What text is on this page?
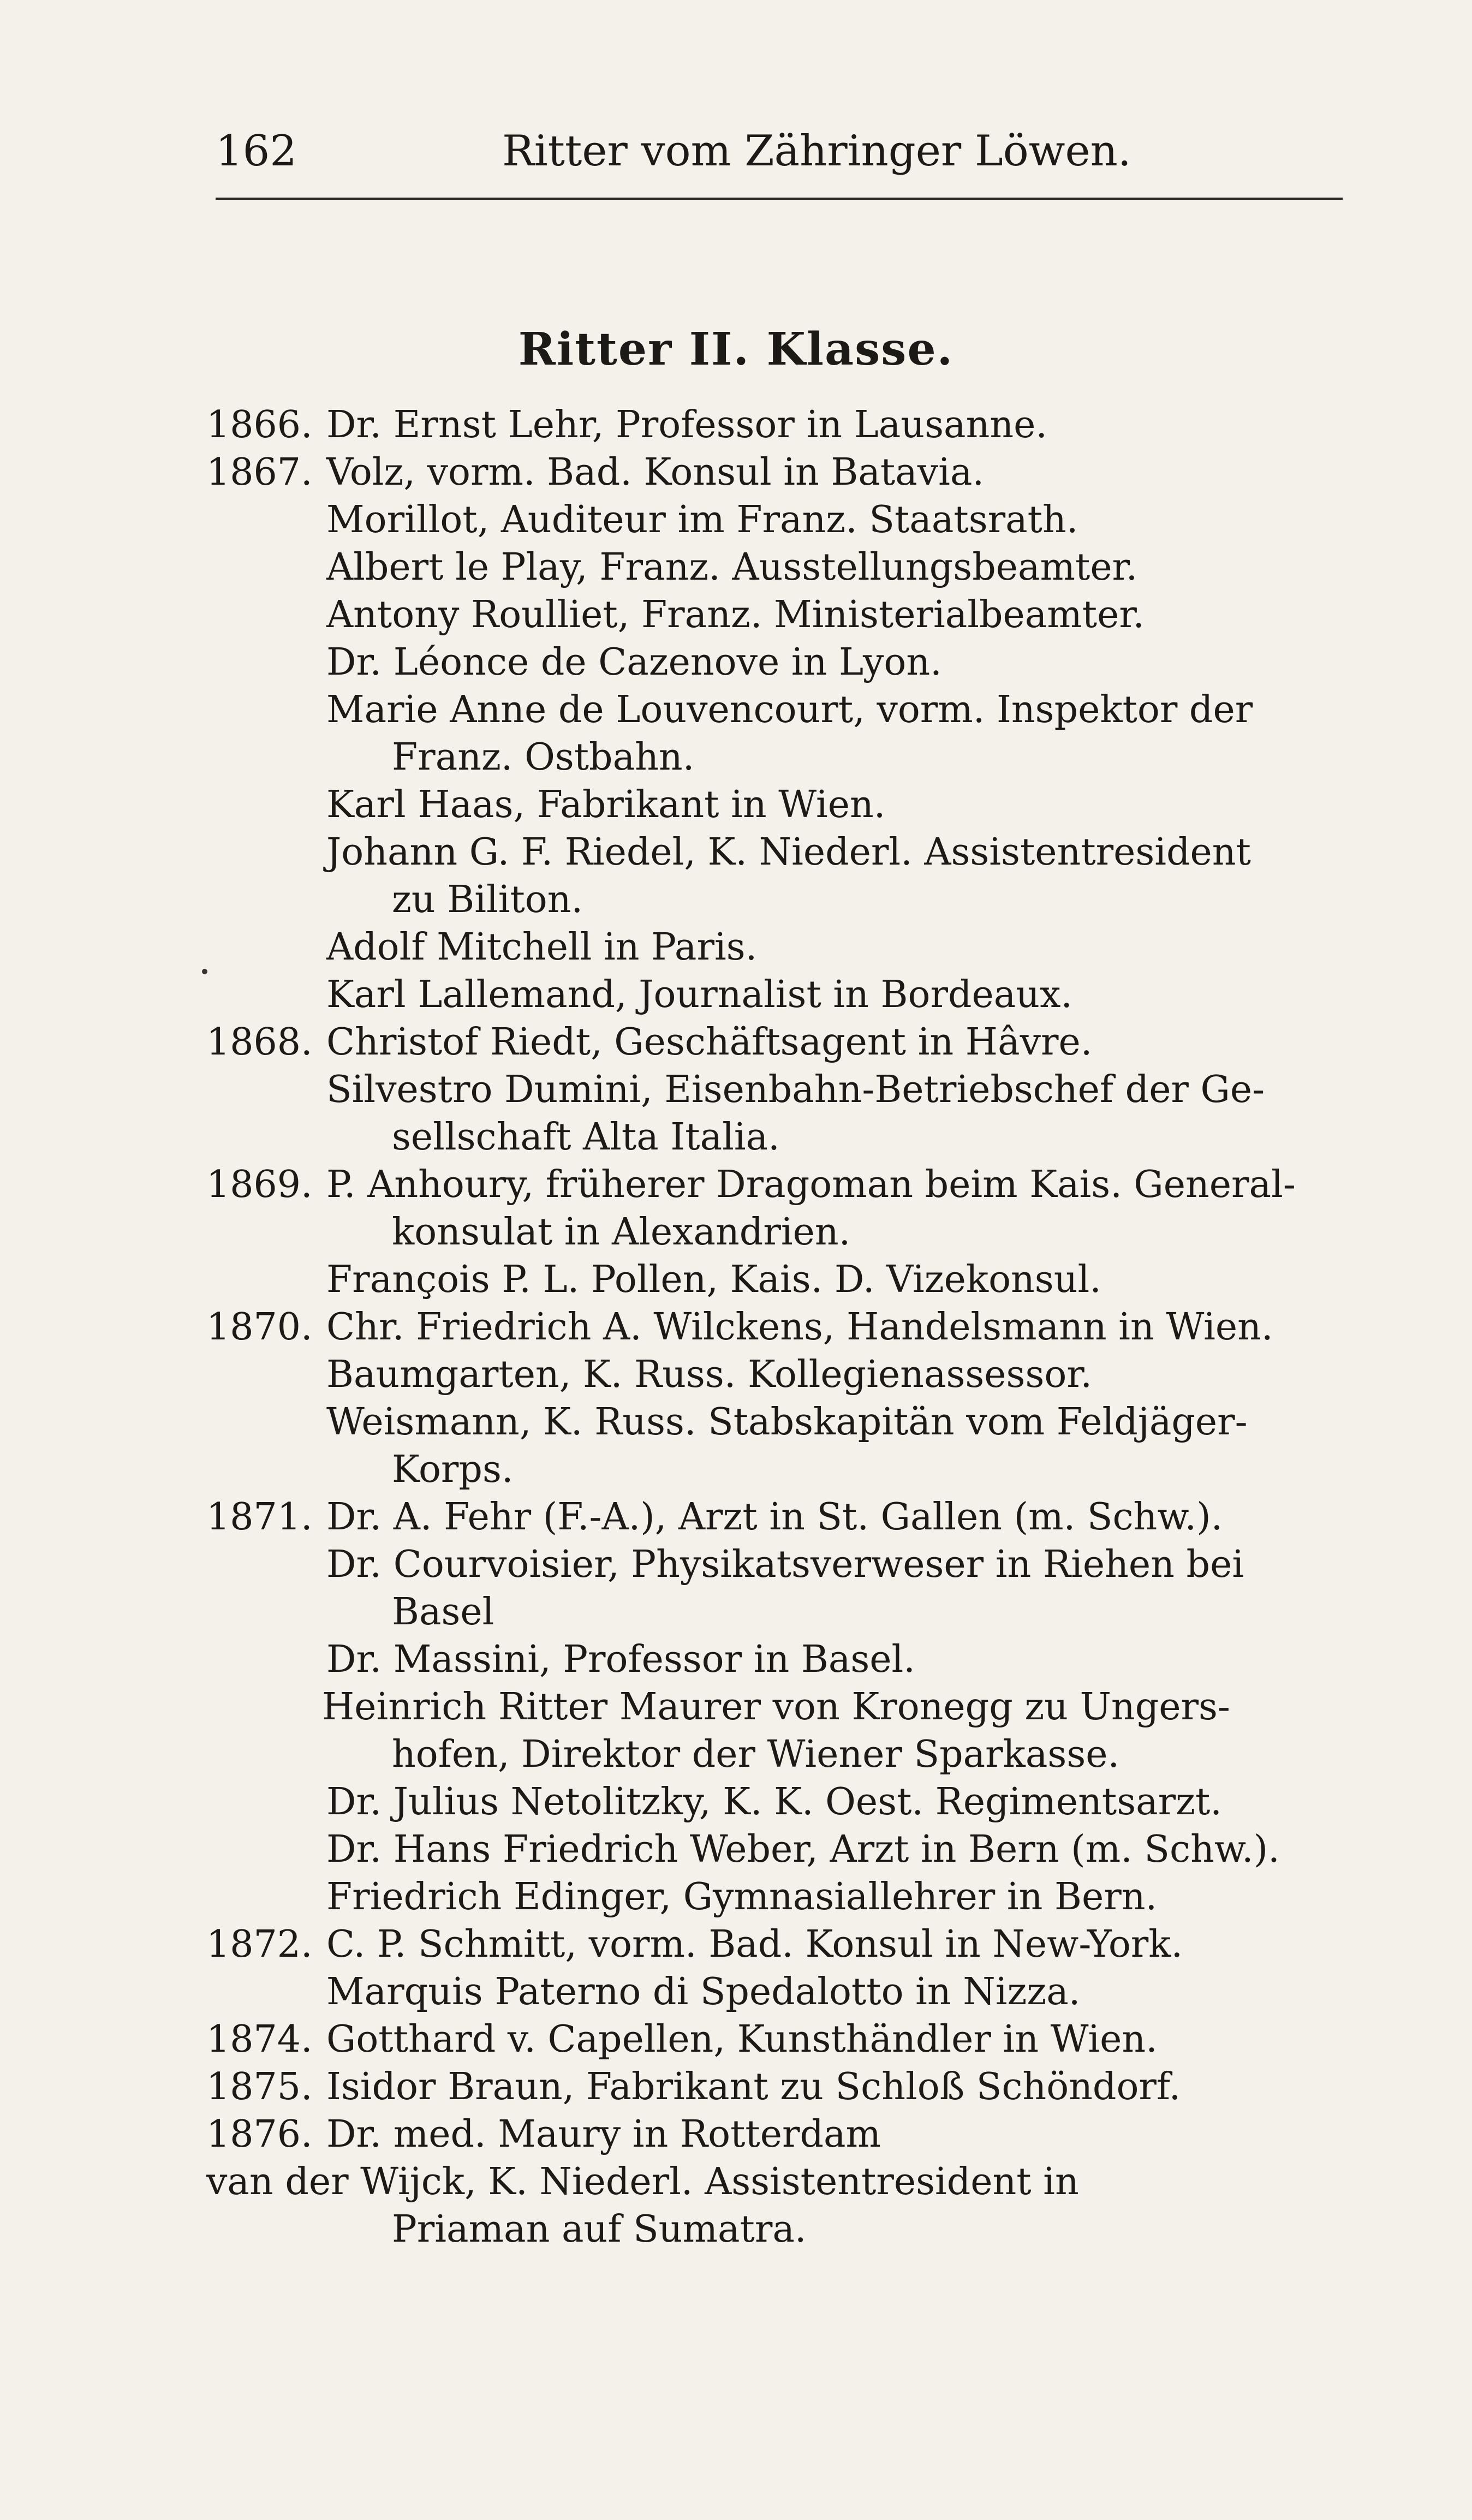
162	Ritter vom Zähringer Löwen.
Ritter II. Klasse.
1866. Dr. Ernst Lehr, Professor in Lausanne.
1867. Volz, vorm. Bad. Konsul in Batavia.
Morillot, Auditeur im Franz. Staatsrath.
Albert le Play, Franz. Ausstellungsbeamter.
Antony Roulliet, Franz. Ministerialbeamter.
Dr. Léonce de Cazenove in Lyon.
Marie Anne de Louvencourt, vorm. Inspektor der
Franz. Ostbahn.
Karl Haas, Fabrikant in Wien.
Johann G. F. Riedel, K. Niederl. Assistentresident
zu Biliton.
Adolf Mitchell in Paris.
Karl Lallemand, Journalist in Bordeaux.
1868. Christof Riedt, Geschäftsagent in Hâvre.
Silvestro Dumini, Eisenbahn-Betriebschef der Ge-
sellschaft Alta Italia.
1869. P. Anhoury, früherer Dragoman beim Kais. General-
konsulat in Alexandrien.
François P. L. Pollen, Kais. D. Vizekonsul.
1870. Chr. Friedrich A. Wilckens, Handelsmann in Wien.
Baumgarten, K. Russ. Kollegienassessor.
Weismann, K. Russ. Stabskapitän vom Feldjäger-
Korps.
1871. Dr. A. Fehr (F.-A.), Arzt in St. Gallen (m. Schw.).
Dr. Courvoisier, Physikatsverweser in Riehen bei
Basel
Dr. Massini, Professor in Basel.
Heinrich Ritter Maurer von Kronegg zu Ungers-
hofen, Direktor der Wiener Sparkasse.
Dr. Julius Netolitzky, K. K. Oest. Regimentsarzt.
Dr. Hans Friedrich Weber, Arzt in Bern (m. Schw.).
Friedrich Edinger, Gymnasiallehrer in Bern.
1872. C. P. Schmitt, vorm. Bad. Konsul in New-York.
Marquis Paterno di Spedalotto in Nizza.
1874. Gotthard v. Capellen, Kunsthändler in Wien.
1875. Isidor Braun, Fabrikant zu Schloß Schöndorf.
1876. Dr. med. Maury in Rotterdam
van der Wijck, K. Niederl. Assistentresident in
Priaman auf Sumatra.
